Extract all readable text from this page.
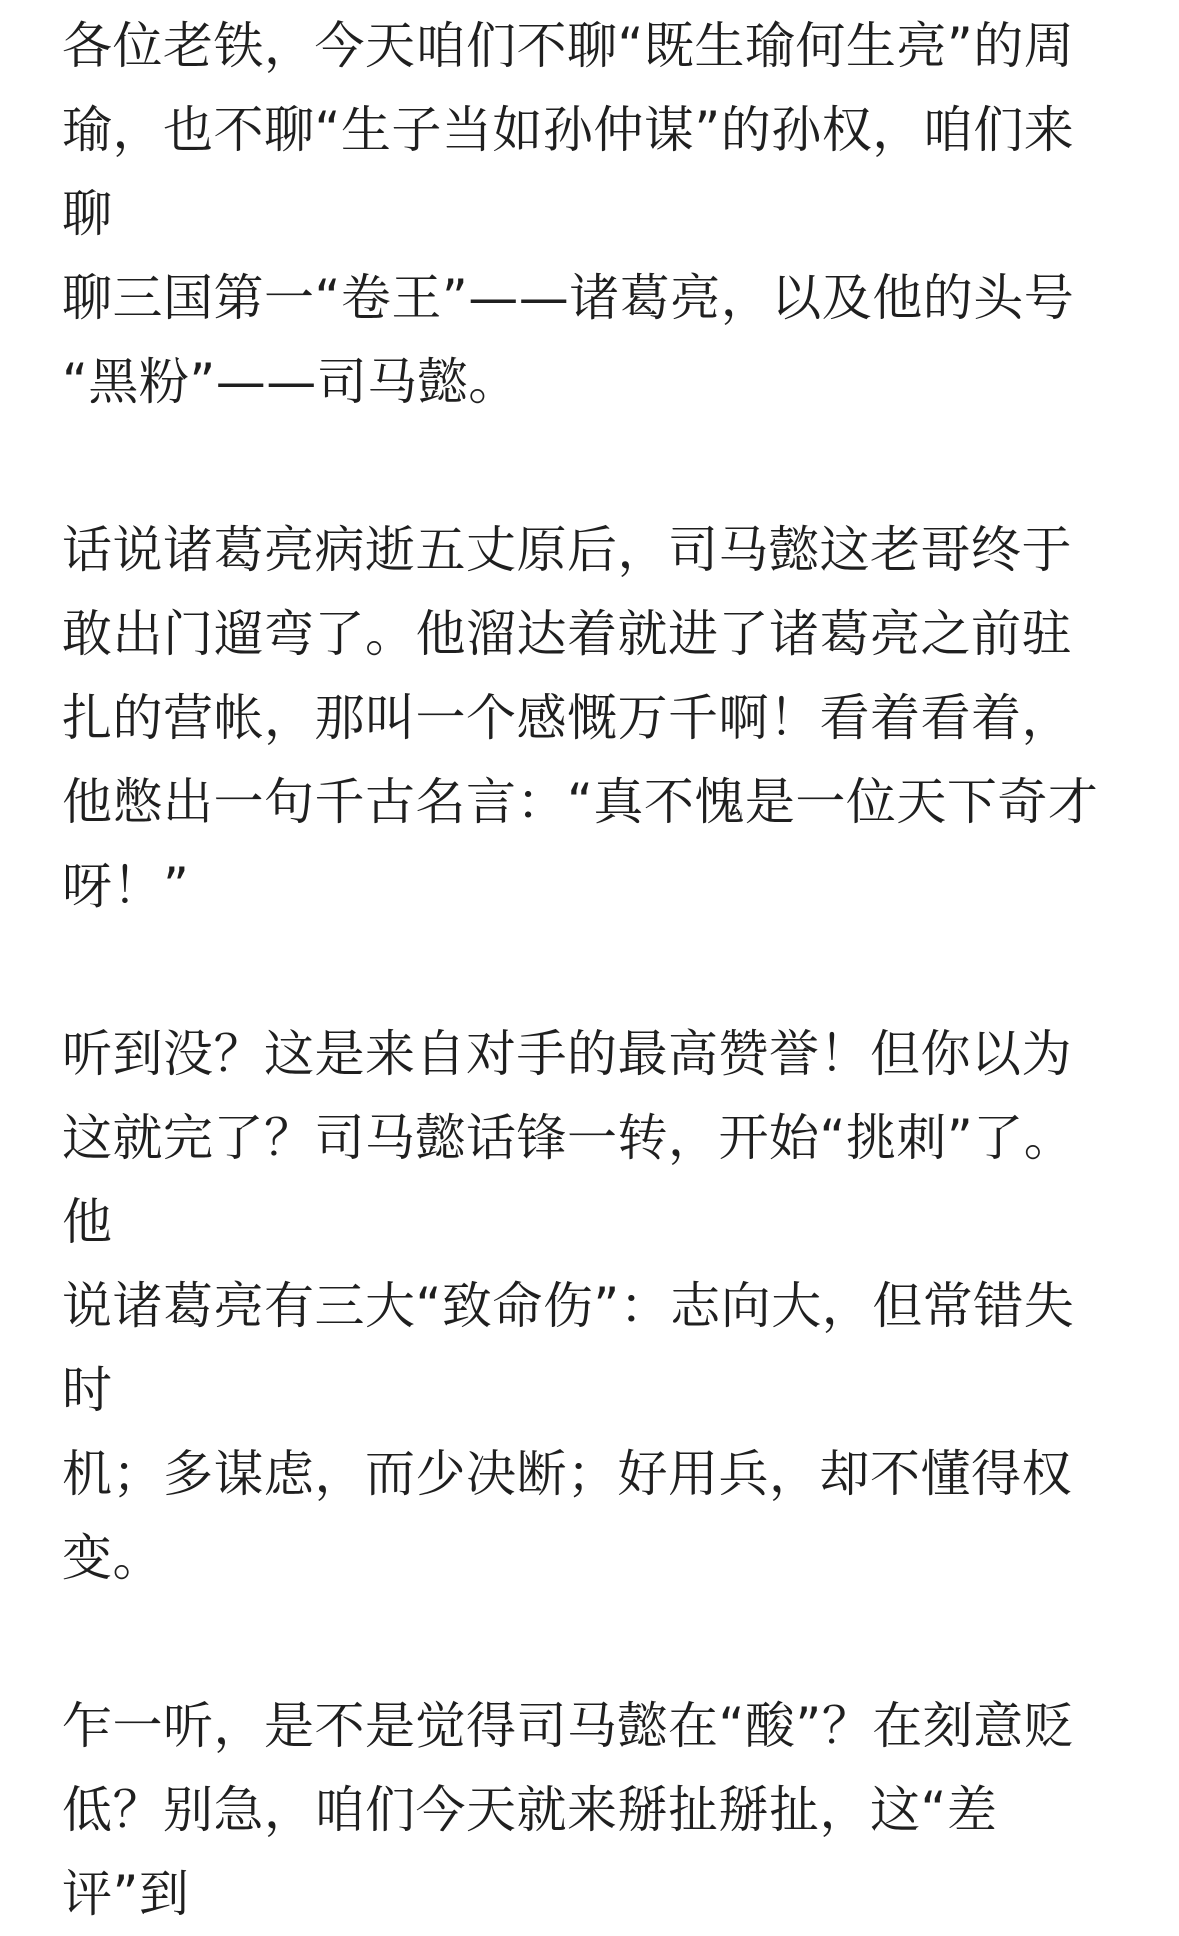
各位老铁，今天咱们不聊“既生瑜何生亮”的周
瑜，也不聊“生子当如孙仲谋”的孙权，咱们来聊
聊三国第一“卷王”——诸葛亮，以及他的头号
“黑粉”——司马懿。

话说诸葛亮病逝五丈原后，司马懿这老哥终于
敢出门遛弯了。他溜达着就进了诸葛亮之前驻
扎的营帐，那叫一个感慨万千啊！看着看着，
他憋出一句千古名言：“真不愧是一位天下奇才
呀！”

听到没？这是来自对手的最高赞誉！但你以为
这就完了？司马懿话锋一转，开始“挑刺”了。他
说诸葛亮有三大“致命伤”：志向大，但常错失时
机；多谋虑，而少决断；好用兵，却不懂得权
变。

乍一听，是不是觉得司马懿在“酸”？在刻意贬
低？别急，咱们今天就来掰扯掰扯，这“差评”到
